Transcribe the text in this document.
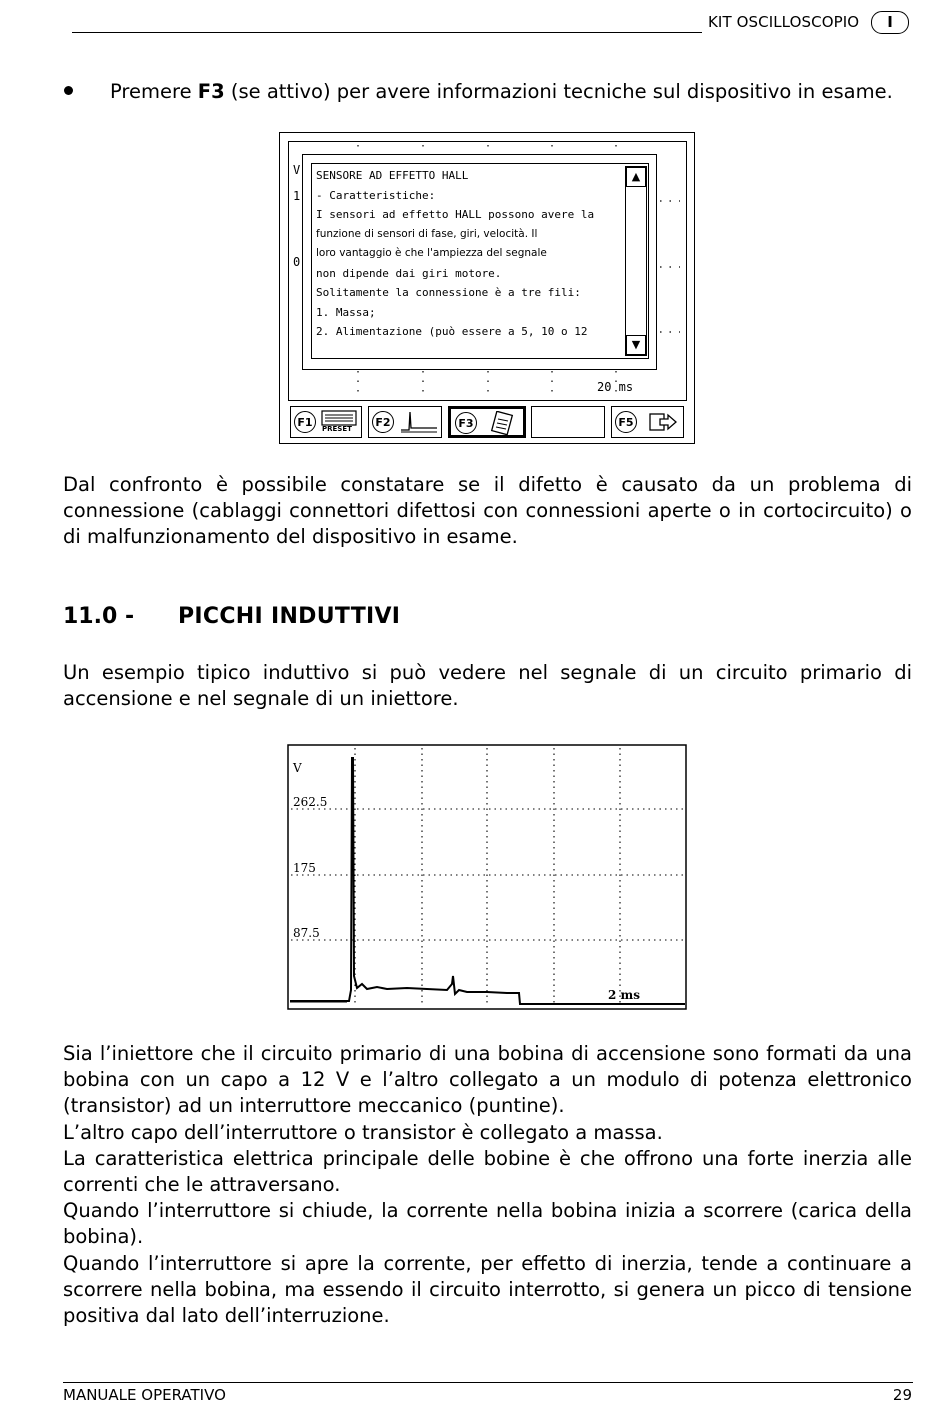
KIT OSCILLOSCOPIO	I
Premere F3 (se attivo) per avere informazioni tecniche sul dispositivo in esame.
V
1
0
20 ms
SENSORE AD EFFETTO HALL
- Caratteristiche:
I sensori ad effetto HALL possono avere la
funzione di sensori di fase, giri, velocità. Il
loro vantaggio è che l'ampiezza del segnale
non dipende dai giri motore.
Solitamente la connessione è a tre fili:
1. Massa;
2. Alimentazione (può essere a 5, 10 o 12
▲
▼
F1	PRESET	F2	F3	F5
Dal confronto è possibile constatare se il difetto è causato da un problema di connessione (cablaggi connettori difettosi con connessioni aperte o in cortocircuito) o di malfunzionamento del dispositivo in esame.
11.0 - PICCHI INDUTTIVI
Un esempio tipico induttivo si può vedere nel segnale di un circuito primario di accensione e nel segnale di un iniettore.
V
262.5
175
87.5
2 ms
Sia l’iniettore che il circuito primario di una bobina di accensione sono formati da una bobina con un capo a 12 V e l’altro collegato a un modulo di potenza elettronico (transistor) ad un interruttore meccanico (puntine).
L’altro capo dell’interruttore o transistor è collegato a massa.
La caratteristica elettrica principale delle bobine è che offrono una forte inerzia alle correnti che le attraversano.
Quando l’interruttore si chiude, la corrente nella bobina inizia a scorrere (carica della bobina).
Quando l’interruttore si apre la corrente, per effetto di inerzia, tende a continuare a scorrere nella bobina, ma essendo il circuito interrotto, si genera un picco di tensione positiva dal lato dell’interruzione.
MANUALE OPERATIVO	29
